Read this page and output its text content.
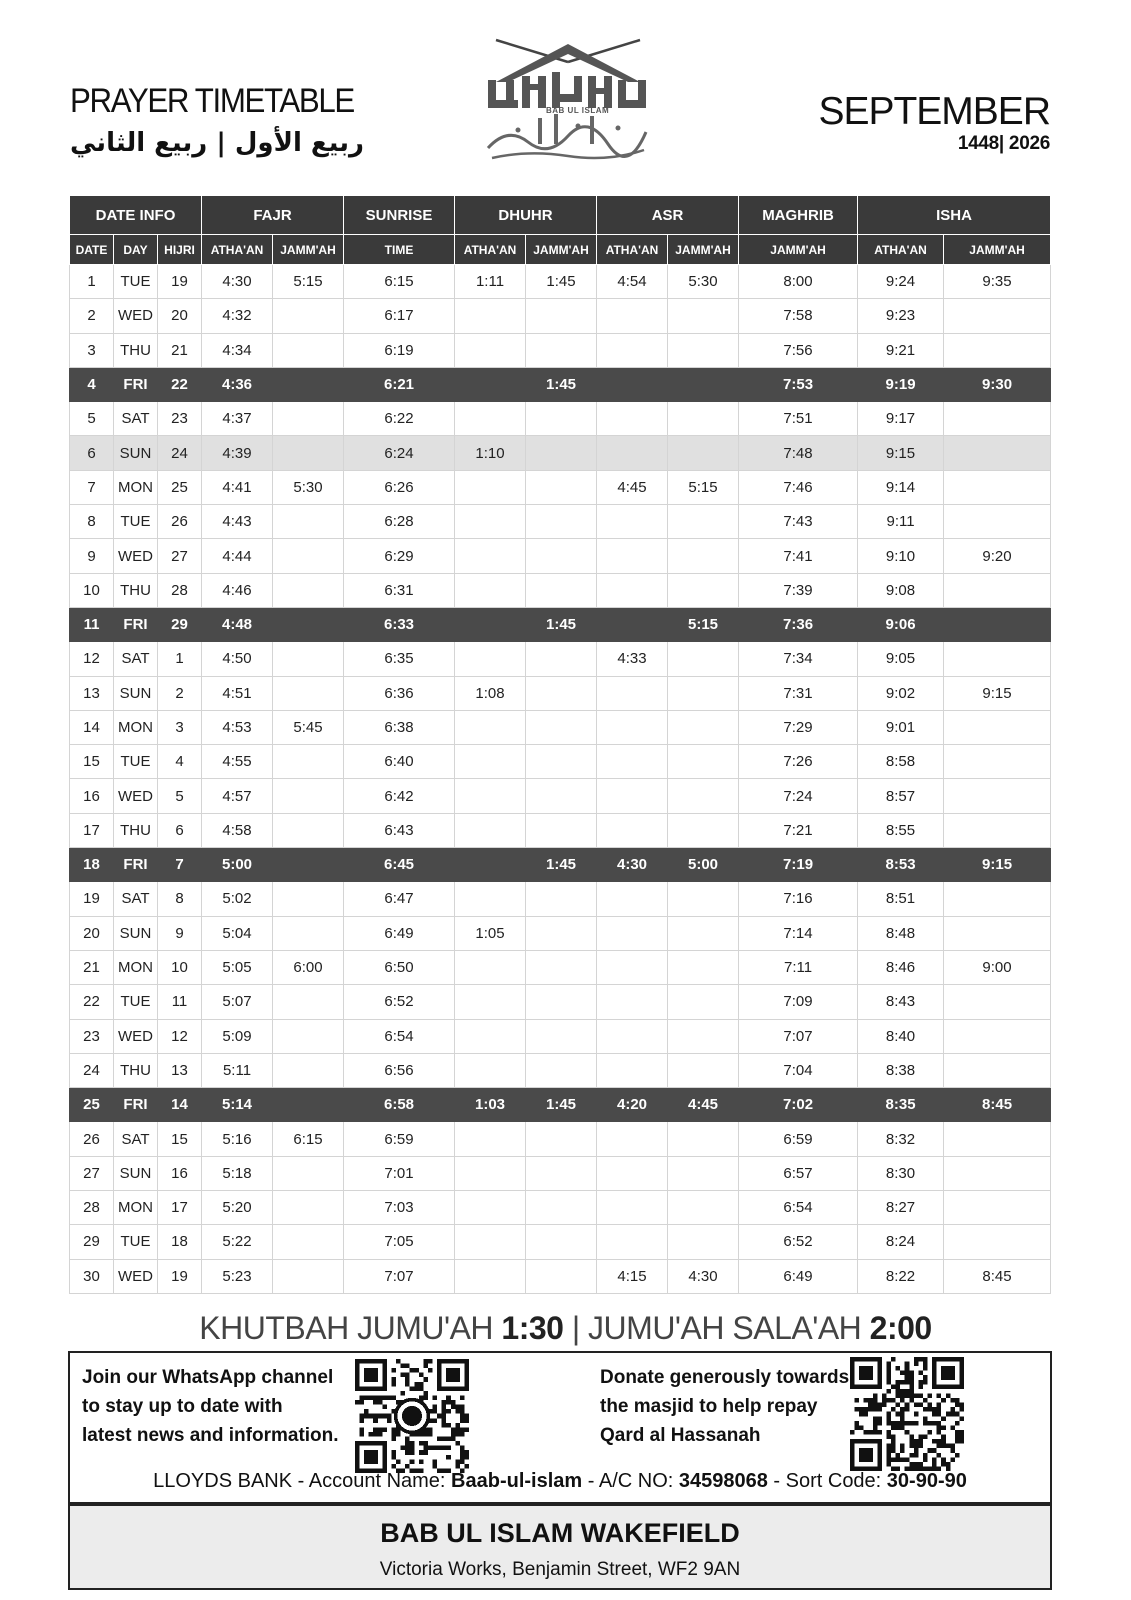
PRAYER TIMETABLE
ربيع الأول | ربيع الثاني
BAB UL ISLAM	SEPTEMBER
1448| 2026
DATE INFO			FAJR		SUNRISE	DHUHR		ASR		MAGHRIB	ISHA	
DATE	DAY	HIJRI	ATHA'AN	JAMM'AH	TIME	ATHA'AN	JAMM'AH	ATHA'AN	JAMM'AH	JAMM'AH	ATHA'AN	JAMM'AH
1	TUE	19	4:30	5:15	6:15	1:11	1:45	4:54	5:30	8:00	9:24	9:35
2	WED	20	4:32		6:17					7:58	9:23	
3	THU	21	4:34		6:19					7:56	9:21	
4	FRI	22	4:36		6:21		1:45			7:53	9:19	9:30
5	SAT	23	4:37		6:22					7:51	9:17	
6	SUN	24	4:39		6:24	1:10				7:48	9:15	
7	MON	25	4:41	5:30	6:26			4:45	5:15	7:46	9:14	
8	TUE	26	4:43		6:28					7:43	9:11	
9	WED	27	4:44		6:29					7:41	9:10	9:20
10	THU	28	4:46		6:31					7:39	9:08	
11	FRI	29	4:48		6:33		1:45		5:15	7:36	9:06	
12	SAT	1	4:50		6:35			4:33		7:34	9:05	
13	SUN	2	4:51		6:36	1:08				7:31	9:02	9:15
14	MON	3	4:53	5:45	6:38					7:29	9:01	
15	TUE	4	4:55		6:40					7:26	8:58	
16	WED	5	4:57		6:42					7:24	8:57	
17	THU	6	4:58		6:43					7:21	8:55	
18	FRI	7	5:00		6:45		1:45	4:30	5:00	7:19	8:53	9:15
19	SAT	8	5:02		6:47					7:16	8:51	
20	SUN	9	5:04		6:49	1:05				7:14	8:48	
21	MON	10	5:05	6:00	6:50					7:11	8:46	9:00
22	TUE	11	5:07		6:52					7:09	8:43	
23	WED	12	5:09		6:54					7:07	8:40	
24	THU	13	5:11		6:56					7:04	8:38	
25	FRI	14	5:14		6:58	1:03	1:45	4:20	4:45	7:02	8:35	8:45
26	SAT	15	5:16	6:15	6:59					6:59	8:32	
27	SUN	16	5:18		7:01					6:57	8:30	
28	MON	17	5:20		7:03					6:54	8:27	
29	TUE	18	5:22		7:05					6:52	8:24	
30	WED	19	5:23		7:07			4:15	4:30	6:49	8:22	8:45
KHUTBAH JUMU'AH 1:30 | JUMU'AH SALA'AH 2:00
Join our WhatsApp channel
to stay up to date with
latest news and information.
Donate generously towards
the masjid to help repay
Qard al Hassanah
LLOYDS BANK - Account Name: Baab-ul-islam - A/C NO: 34598068 - Sort Code: 30-90-90
BAB UL ISLAM WAKEFIELD
Victoria Works, Benjamin Street, WF2 9AN
